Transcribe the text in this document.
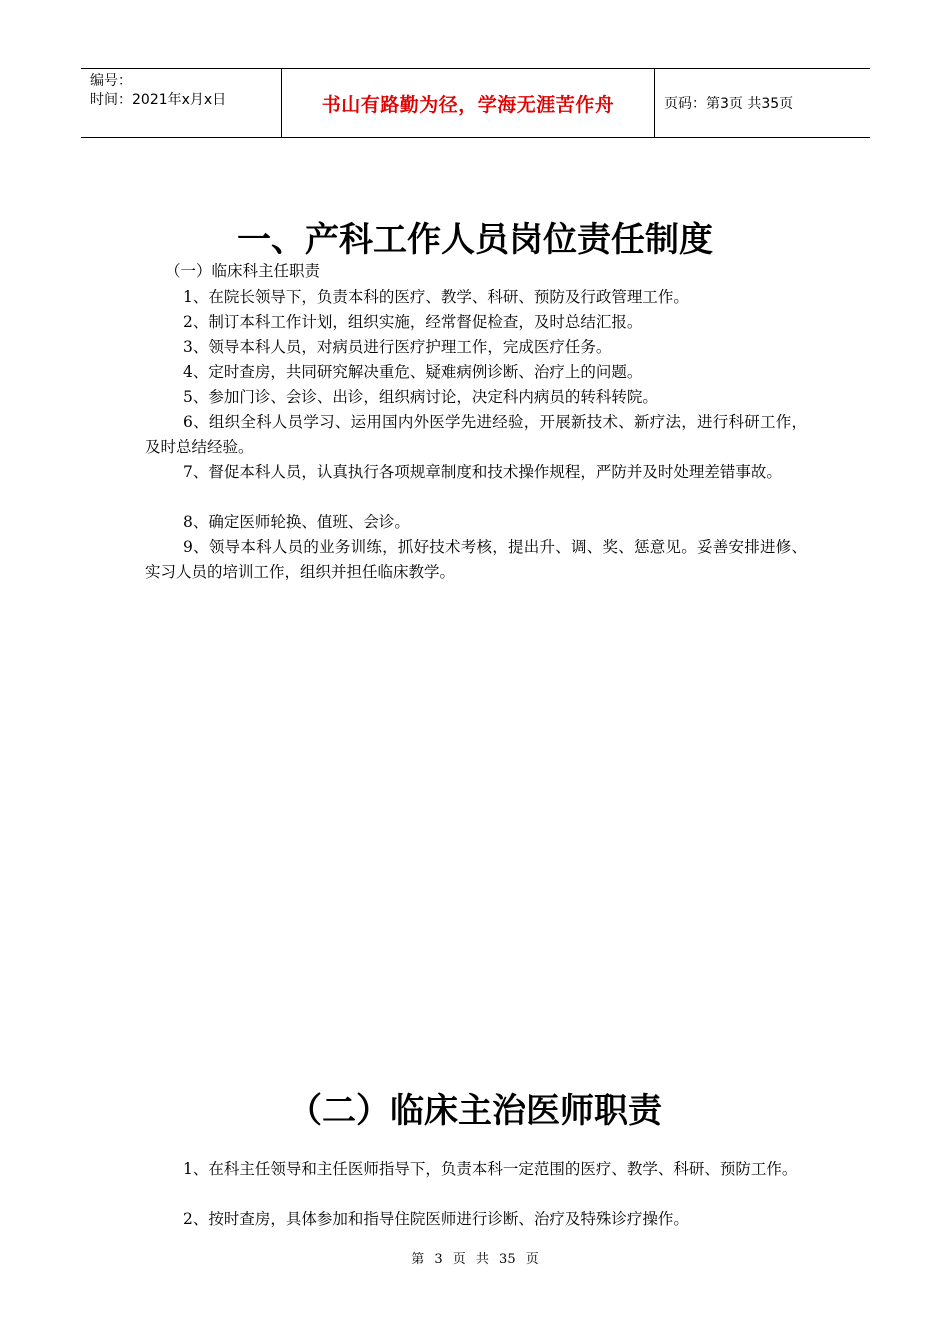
编号：
时间：2021年x月x日	书山有路勤为径，学海无涯苦作舟	页码：第3页 共35页
一、产科工作人员岗位责任制度
（一）临床科主任职责

1、在院长领导下，负责本科的医疗、教学、科研、预防及行政管理工作。

2、制订本科工作计划，组织实施，经常督促检查，及时总结汇报。

3、领导本科人员，对病员进行医疗护理工作，完成医疗任务。

4、定时查房，共同研究解决重危、疑难病例诊断、治疗上的问题。

5、参加门诊、会诊、出诊，组织病讨论，决定科内病员的转科转院。

6、组织全科人员学习、运用国内外医学先进经验，开展新技术、新疗法，进行科研工作，及时总结经验。

7、督促本科人员，认真执行各项规章制度和技术操作规程，严防并及时处理差错事故。

8、确定医师轮换、值班、会诊。

9、领导本科人员的业务训练，抓好技术考核，提出升、调、奖、惩意见。妥善安排进修、实习人员的培训工作，组织并担任临床教学。

（二）临床主治医师职责

1、在科主任领导和主任医师指导下，负责本科一定范围的医疗、教学、科研、预防工作。

2、按时查房，具体参加和指导住院医师进行诊断、治疗及特殊诊疗操作。

第 3 页 共 35 页
